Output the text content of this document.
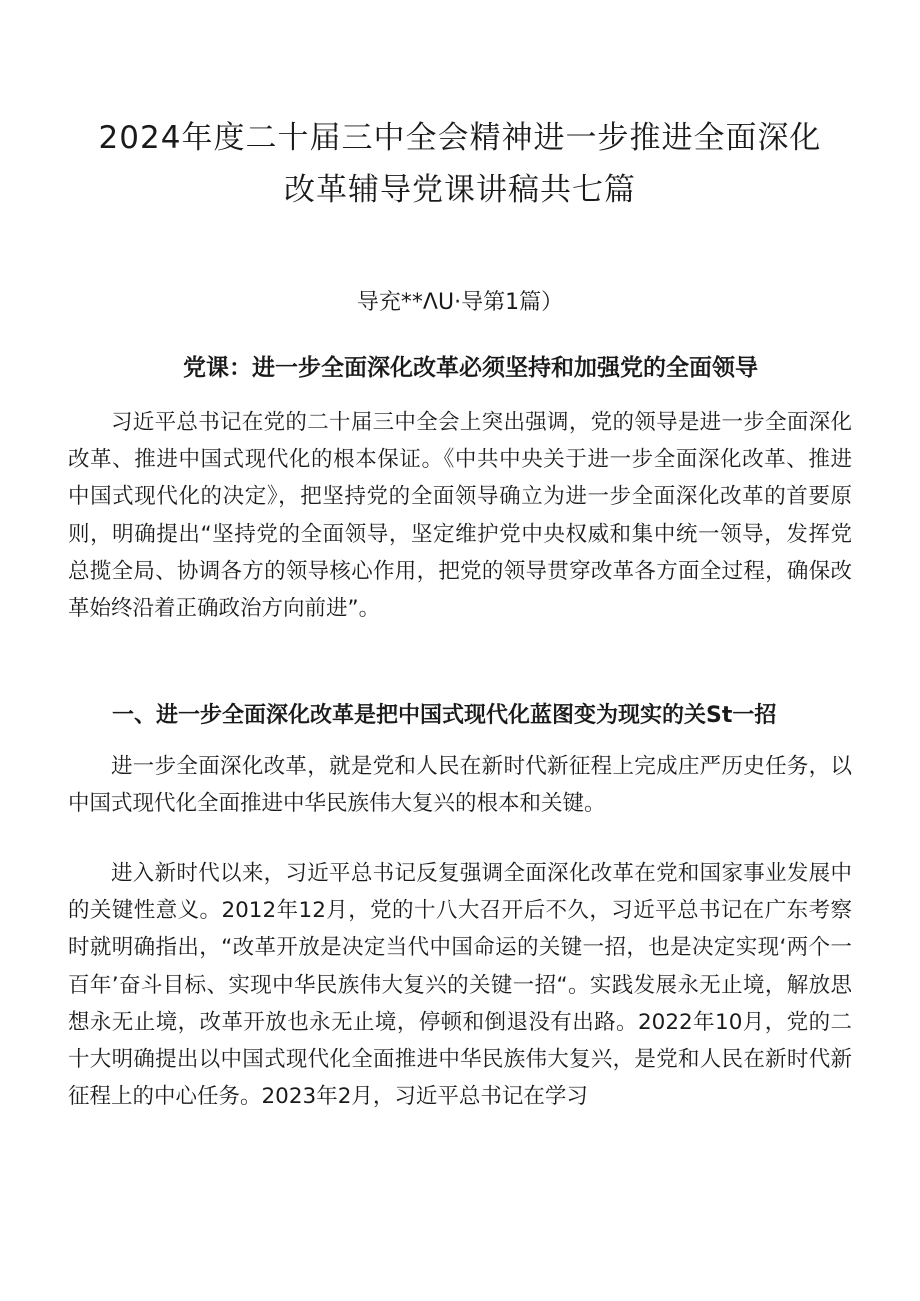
2024年度二十届三中全会精神进一步推进全面深化
改革辅导党课讲稿共七篇
导充**ΛU·导第1篇）
党课：进一步全面深化改革必须坚持和加强党的全面领导

习近平总书记在党的二十届三中全会上突出强调，党的领导是进一步全面深化改革、推进中国式现代化的根本保证。《中共中央关于进一步全面深化改革、推进中国式现代化的决定》，把坚持党的全面领导确立为进一步全面深化改革的首要原则，明确提出“坚持党的全面领导，坚定维护党中央权威和集中统一领导，发挥党总揽全局、协调各方的领导核心作用，把党的领导贯穿改革各方面全过程，确保改革始终沿着正确政治方向前进”。

一、进一步全面深化改革是把中国式现代化蓝图变为现实的关St一招

进一步全面深化改革，就是党和人民在新时代新征程上完成庄严历史任务，以中国式现代化全面推进中华民族伟大复兴的根本和关键。

进入新时代以来，习近平总书记反复强调全面深化改革在党和国家事业发展中的关键性意义。2012年12月，党的十八大召开后不久，习近平总书记在广东考察时就明确指出，“改革开放是决定当代中国命运的关键一招，也是决定实现‘两个一百年’奋斗目标、实现中华民族伟大复兴的关键一招“。实践发展永无止境，解放思想永无止境，改革开放也永无止境，停顿和倒退没有出路。2022年10月，党的二十大明确提出以中国式现代化全面推进中华民族伟大复兴，是党和人民在新时代新征程上的中心任务。2023年2月，习近平总书记在学习
